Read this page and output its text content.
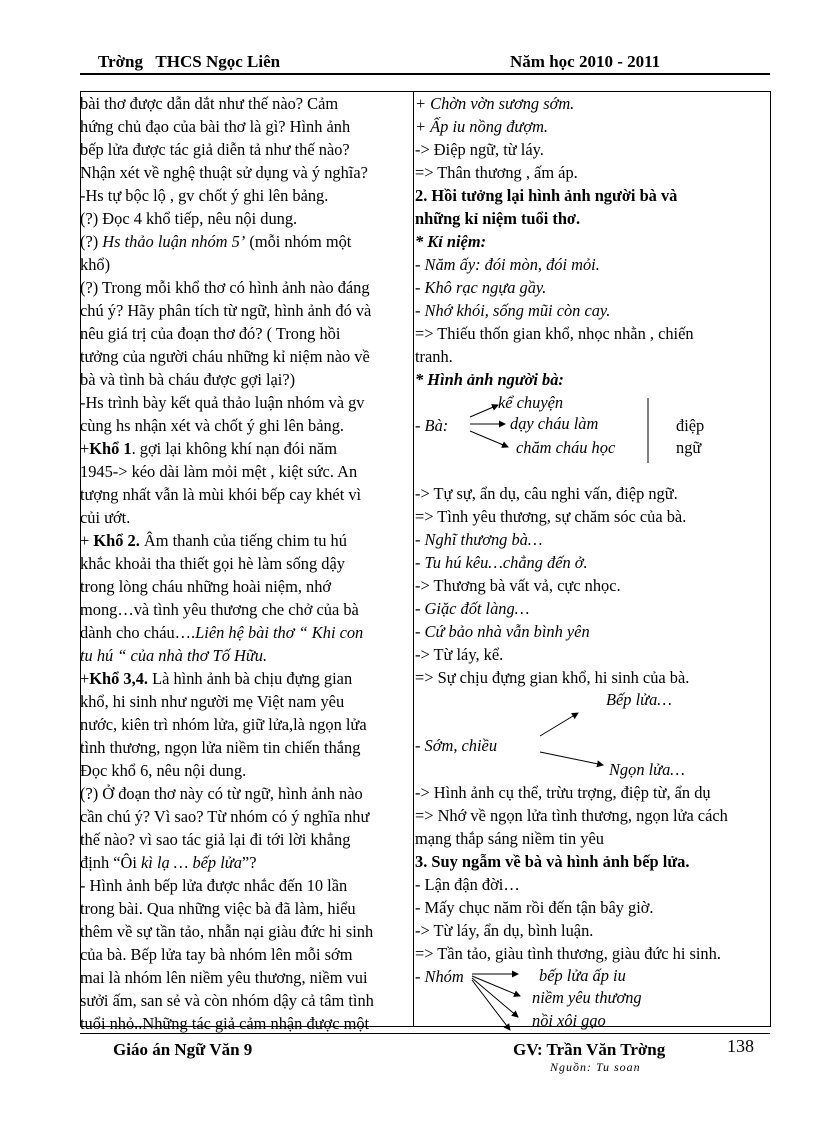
Trờng   THCS Ngọc Liên	Năm học 2010 - 2011
bài thơ được dẫn dắt như thế nào? Cảm
hứng chủ đạo của bài thơ là gì? Hình ảnh
bếp lửa được tác giả diễn tả như thế nào?
Nhận xét về nghệ thuật sử dụng và ý nghĩa?
-Hs tự bộc lộ , gv chốt ý ghi lên bảng.
(?) Đọc 4 khổ tiếp, nêu nội dung.
(?) Hs thảo luận nhóm 5’ (mỗi nhóm một
khổ)
(?) Trong mỗi khổ thơ có hình ảnh nào đáng
chú ý? Hãy phân tích từ ngữ, hình ảnh đó và
nêu giá trị của đoạn thơ đó? ( Trong hồi
tưởng của người cháu những kỉ niệm nào về
bà và tình bà cháu được gợi lại?)
-Hs trình bày kết quả thảo luận nhóm và gv
cùng hs nhận xét và chốt ý ghi lên bảng.
+Khổ 1. gợi lại không khí nạn đói năm
1945-> kéo dài làm mỏi mệt , kiệt sức. An
tượng nhất vẫn là mùi khói bếp cay khét vì
củi ướt.
+ Khổ 2. Âm thanh của tiếng chim tu hú
khắc khoải tha thiết gọi hè làm sống dậy
trong lòng cháu những hoài niệm, nhớ
mong…và tình yêu thương che chở của bà
dành cho cháu….Liên hệ bài thơ “ Khi con
tu hú “ của nhà thơ Tố Hữu.
+Khổ 3,4. Là hình ảnh bà chịu đựng gian
khổ, hi sinh như người mẹ Việt nam yêu
nước, kiên trì nhóm lửa, giữ lửa,là ngọn lửa
tình thương, ngọn lửa niềm tin chiến thắng
Đọc khổ 6, nêu nội dung.
(?) Ở đoạn thơ này có từ ngữ, hình ảnh nào
cần chú ý? Vì sao? Từ nhóm có ý nghĩa như
thế nào? vì sao tác giả lại đi tới lời khẳng
định “Ôi kì lạ … bếp lửa”?
- Hình ảnh bếp lửa được nhắc đến 10 lần
trong bài. Qua những việc bà đã làm, hiểu
thêm về sự tần tảo, nhẫn nại giàu đức hi sinh
của bà. Bếp lửa tay bà nhóm lên mỗi sớm
mai là nhóm lên niềm yêu thương, niềm vui
sưởi ấm, san sẻ và còn nhóm dậy cả tâm tình
tuổi nhỏ..Những tác giả cảm nhận được một
+ Chờn vờn sương sớm.
+ Ấp iu nồng đượm.
-> Điệp ngữ, từ láy.
=> Thân thương , ấm áp.
2. Hồi tưởng lại hình ảnh người bà và
những kỉ niệm tuổi thơ.
* Kỉ niệm:
- Năm ấy: đói mòn, đói mỏi.
- Khô rạc ngựa gầy.
- Nhớ khói, sống mũi còn cay.
=> Thiếu thốn gian khổ, nhọc nhằn , chiến
tranh.
* Hình ảnh người bà:
kể chuyện
- Bà:	dạy cháu làm
chăm cháu học
điệp
ngữ
-> Tự sự, ẩn dụ, câu nghi vấn, điệp ngữ.
=> Tình yêu thương, sự chăm sóc của bà.
- Nghĩ thương bà…
- Tu hú kêu…chẳng đến ở.
-> Thương bà vất vả, cực nhọc.
- Giặc đốt làng…
- Cứ bảo nhà vẫn bình yên
-> Từ láy, kể.
=> Sự chịu đựng gian khổ, hi sinh của bà.
Bếp lửa…
- Sớm, chiều
Ngọn lửa…
-> Hình ảnh cụ thể, trừu trợng, điệp từ, ẩn dụ
=> Nhớ về ngọn lửa tình thương, ngọn lửa cách
mạng thắp sáng niềm tin yêu
3. Suy ngẫm về bà và hình ảnh bếp lửa.
- Lận đận đời…
- Mấy chục năm rồi đến tận bây giờ.
-> Từ láy, ẩn dụ, bình luận.
=> Tần tảo, giàu tình thương, giàu đức hi sinh.
- Nhóm	bếp lửa ấp iu
niềm yêu thương
nồi xôi gạo
Giáo án Ngữ Văn 9	GV: Trần Văn Trờng	138
Nguồn: Tu soan
